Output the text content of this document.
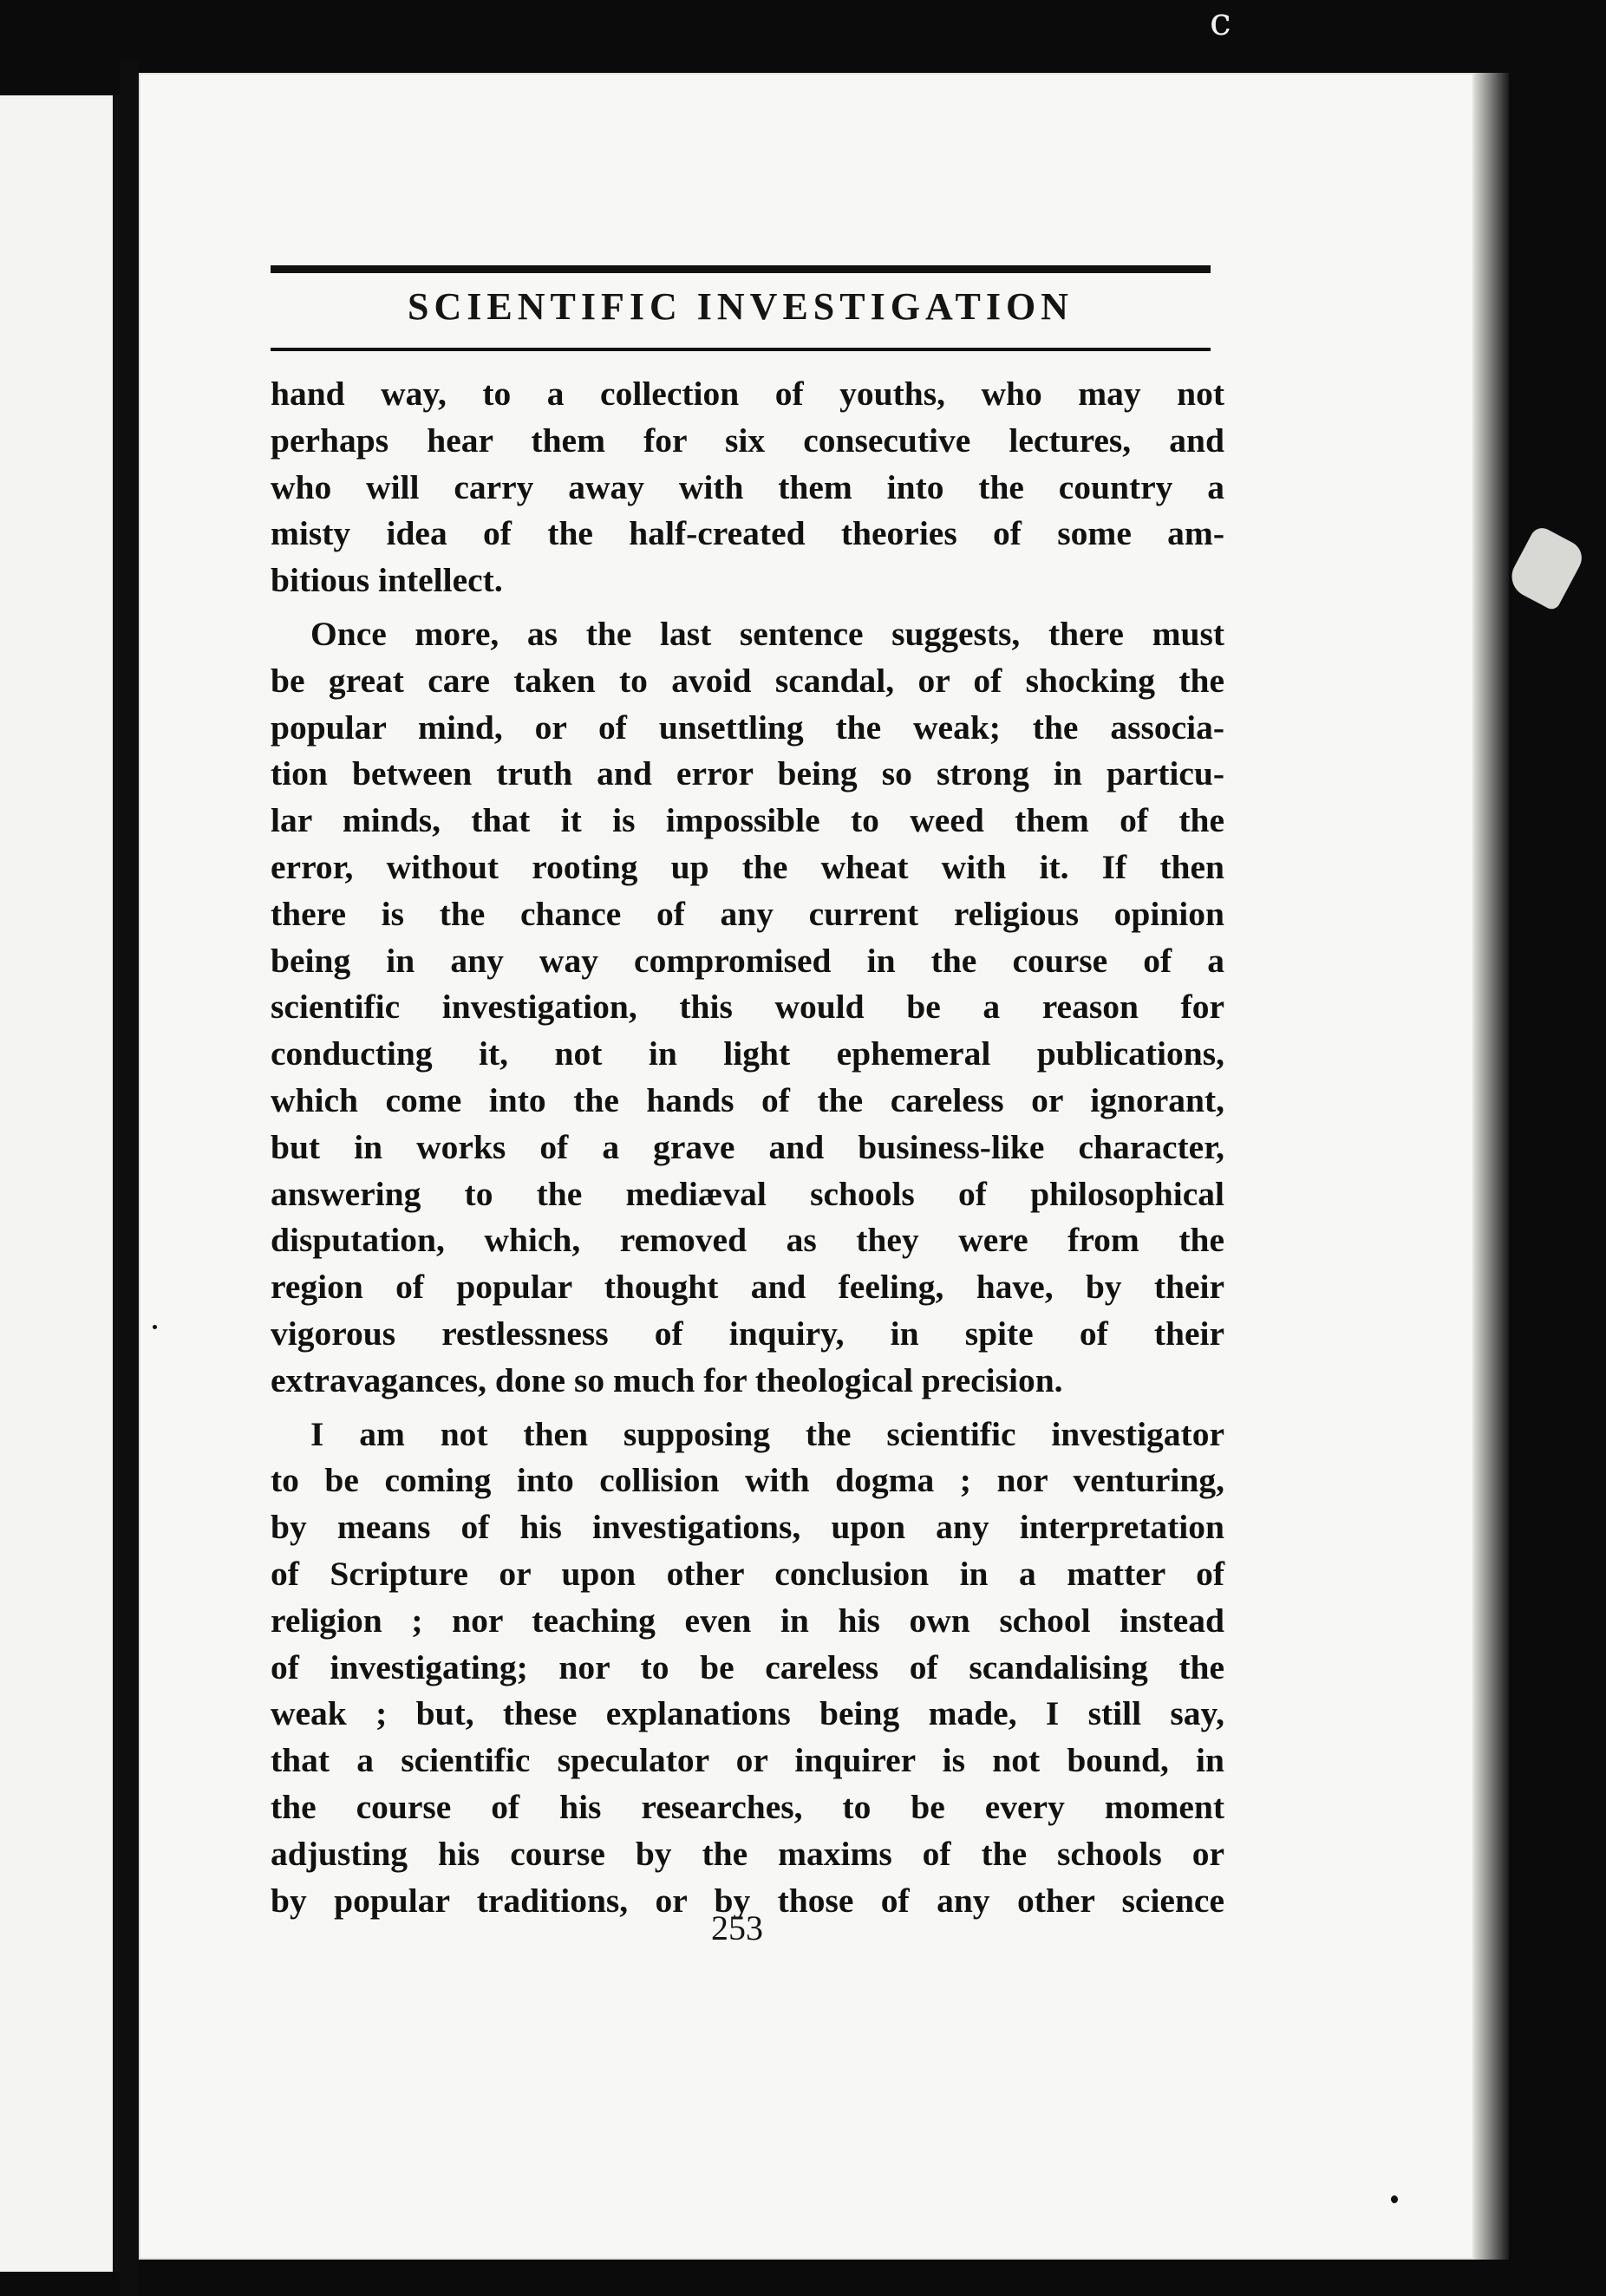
c
SCIENTIFIC INVESTIGATION
hand way, to a collection of youths, who may not
perhaps hear them for six consecutive lectures, and
who will carry away with them into the country a
misty idea of the half-created theories of some am-
bitious intellect.
Once more, as the last sentence suggests, there must
be great care taken to avoid scandal, or of shocking the
popular mind, or of unsettling the weak; the associa-
tion between truth and error being so strong in particu-
lar minds, that it is impossible to weed them of the
error, without rooting up the wheat with it. If then
there is the chance of any current religious opinion
being in any way compromised in the course of a
scientific investigation, this would be a reason for
conducting it, not in light ephemeral publications,
which come into the hands of the careless or ignorant,
but in works of a grave and business-like character,
answering to the mediæval schools of philosophical
disputation, which, removed as they were from the
region of popular thought and feeling, have, by their
vigorous restlessness of inquiry, in spite of their
extravagances, done so much for theological precision.
I am not then supposing the scientific investigator
to be coming into collision with dogma ; nor venturing,
by means of his investigations, upon any interpretation
of Scripture or upon other conclusion in a matter of
religion ; nor teaching even in his own school instead
of investigating; nor to be careless of scandalising the
weak ; but, these explanations being made, I still say,
that a scientific speculator or inquirer is not bound, in
the course of his researches, to be every moment
adjusting his course by the maxims of the schools or
by popular traditions, or by those of any other science
253
